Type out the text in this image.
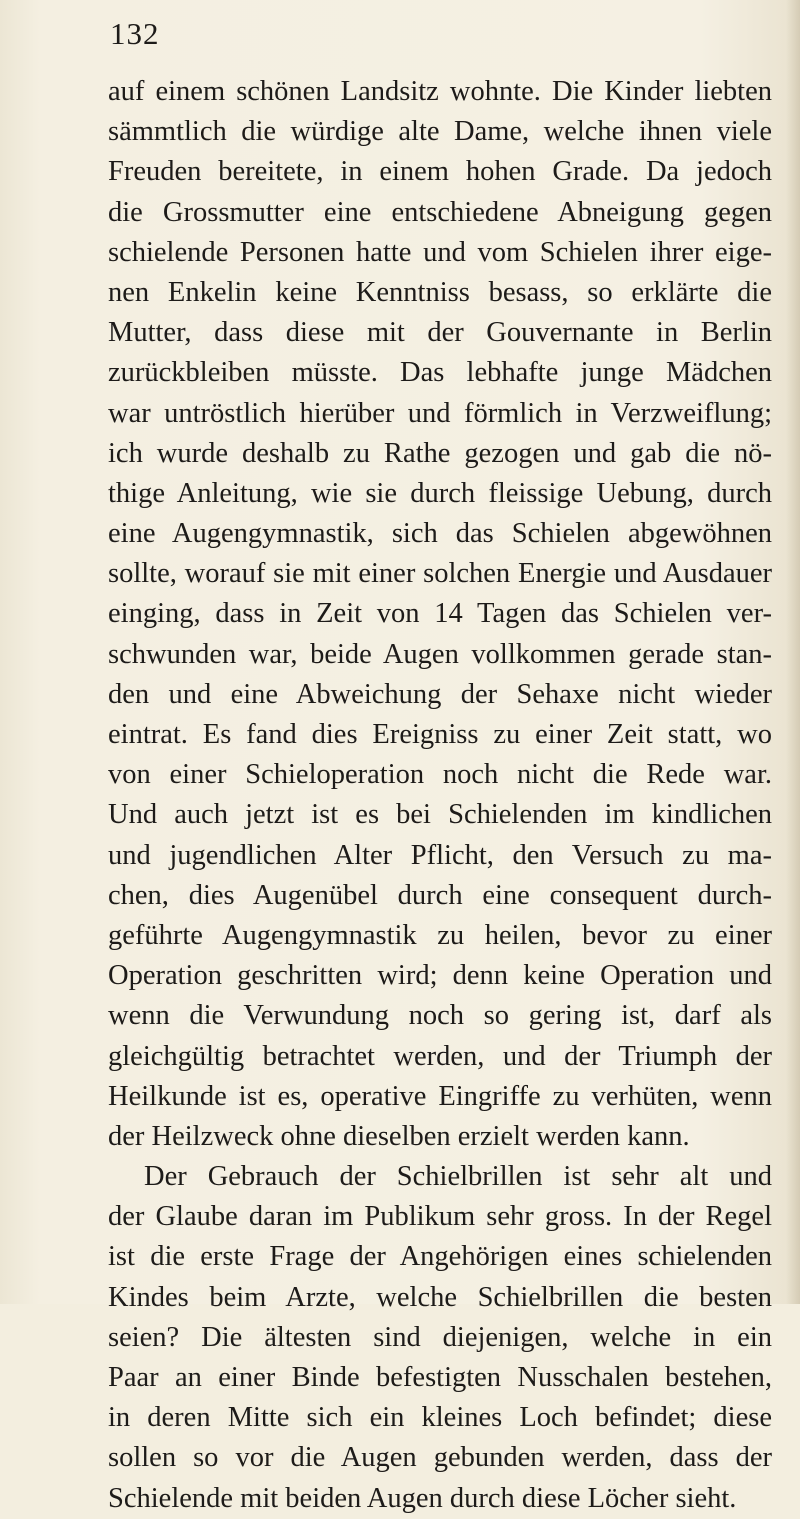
132
auf einem schönen Landsitz wohnte. Die Kinder liebten
sämmtlich die würdige alte Dame, welche ihnen viele
Freuden bereitete, in einem hohen Grade. Da jedoch
die Grossmutter eine entschiedene Abneigung gegen
schielende Personen hatte und vom Schielen ihrer eige-
nen Enkelin keine Kenntniss besass, so erklärte die
Mutter, dass diese mit der Gouvernante in Berlin
zurückbleiben müsste. Das lebhafte junge Mädchen
war untröstlich hierüber und förmlich in Verzweiflung;
ich wurde deshalb zu Rathe gezogen und gab die nö-
thige Anleitung, wie sie durch fleissige Uebung, durch
eine Augengymnastik, sich das Schielen abgewöhnen
sollte, worauf sie mit einer solchen Energie und Ausdauer
einging, dass in Zeit von 14 Tagen das Schielen ver-
schwunden war, beide Augen vollkommen gerade stan-
den und eine Abweichung der Sehaxe nicht wieder
eintrat. Es fand dies Ereigniss zu einer Zeit statt, wo
von einer Schieloperation noch nicht die Rede war.
Und auch jetzt ist es bei Schielenden im kindlichen
und jugendlichen Alter Pflicht, den Versuch zu ma-
chen, dies Augenübel durch eine consequent durch-
geführte Augengymnastik zu heilen, bevor zu einer
Operation geschritten wird; denn keine Operation und
wenn die Verwundung noch so gering ist, darf als
gleichgültig betrachtet werden, und der Triumph der
Heilkunde ist es, operative Eingriffe zu verhüten, wenn
der Heilzweck ohne dieselben erzielt werden kann.
Der Gebrauch der Schielbrillen ist sehr alt und
der Glaube daran im Publikum sehr gross. In der Regel
ist die erste Frage der Angehörigen eines schielenden
Kindes beim Arzte, welche Schielbrillen die besten
seien? Die ältesten sind diejenigen, welche in ein
Paar an einer Binde befestigten Nusschalen bestehen,
in deren Mitte sich ein kleines Loch befindet; diese
sollen so vor die Augen gebunden werden, dass der
Schielende mit beiden Augen durch diese Löcher sieht.
